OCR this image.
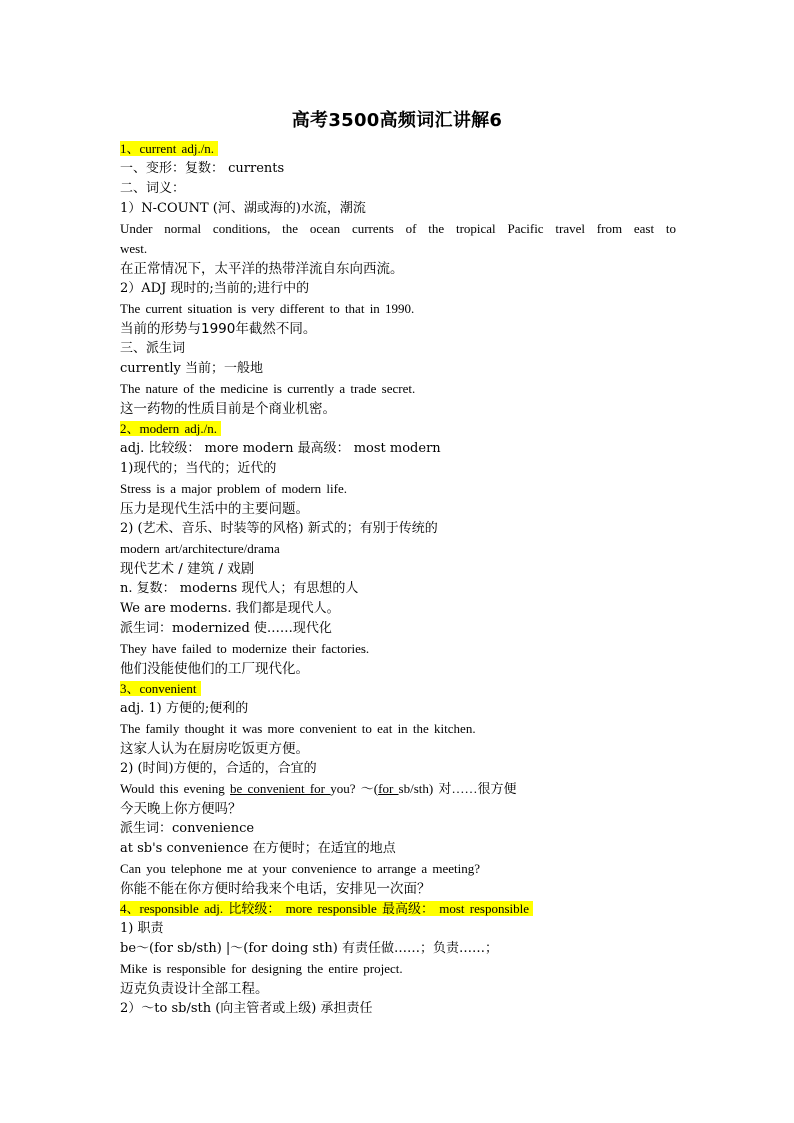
高考3500高频词汇讲解6
1、current adj./n.
一、变形：复数： currents
二、词义：
1）N-COUNT (河、湖或海的)水流，潮流
Under normal conditions, the ocean currents of the tropical Pacific travel from east to
west.
在正常情况下，太平洋的热带洋流自东向西流。
2）ADJ 现时的;当前的;进行中的
The current situation is very different to that in 1990.
当前的形势与1990年截然不同。
三、派生词
currently 当前；一般地
The nature of the medicine is currently a trade secret.
这一药物的性质目前是个商业机密。
2、modern adj./n.
adj. 比较级： more modern 最高级： most modern
1)现代的；当代的；近代的
Stress is a major problem of modern life.
压力是现代生活中的主要问题。
2) (艺术、音乐、时装等的风格) 新式的；有别于传统的
modern art/architecture/drama
现代艺术 / 建筑 / 戏剧
n. 复数： moderns 现代人；有思想的人
We are moderns. 我们都是现代人。
派生词：modernized 使……现代化
They have failed to modernize their factories.
他们没能使他们的工厂现代化。
3、convenient
adj. 1) 方便的;便利的
The family thought it was more convenient to eat in the kitchen.
这家人认为在厨房吃饭更方便。
2) (时间)方便的，合适的，合宜的
Would this evening be convenient for you? ～(for sb/sth) 对……很方便
今天晚上你方便吗？
派生词：convenience
at sb's convenience 在方便时；在适宜的地点
Can you telephone me at your convenience to arrange a meeting?
你能不能在你方便时给我来个电话，安排见一次面？
4、responsible adj. 比较级： more responsible 最高级： most responsible
1) 职责
be～(for sb/sth) |～(for doing sth) 有责任做……；负责……；
Mike is responsible for designing the entire project.
迈克负责设计全部工程。
2）～to sb/sth (向主管者或上级) 承担责任
